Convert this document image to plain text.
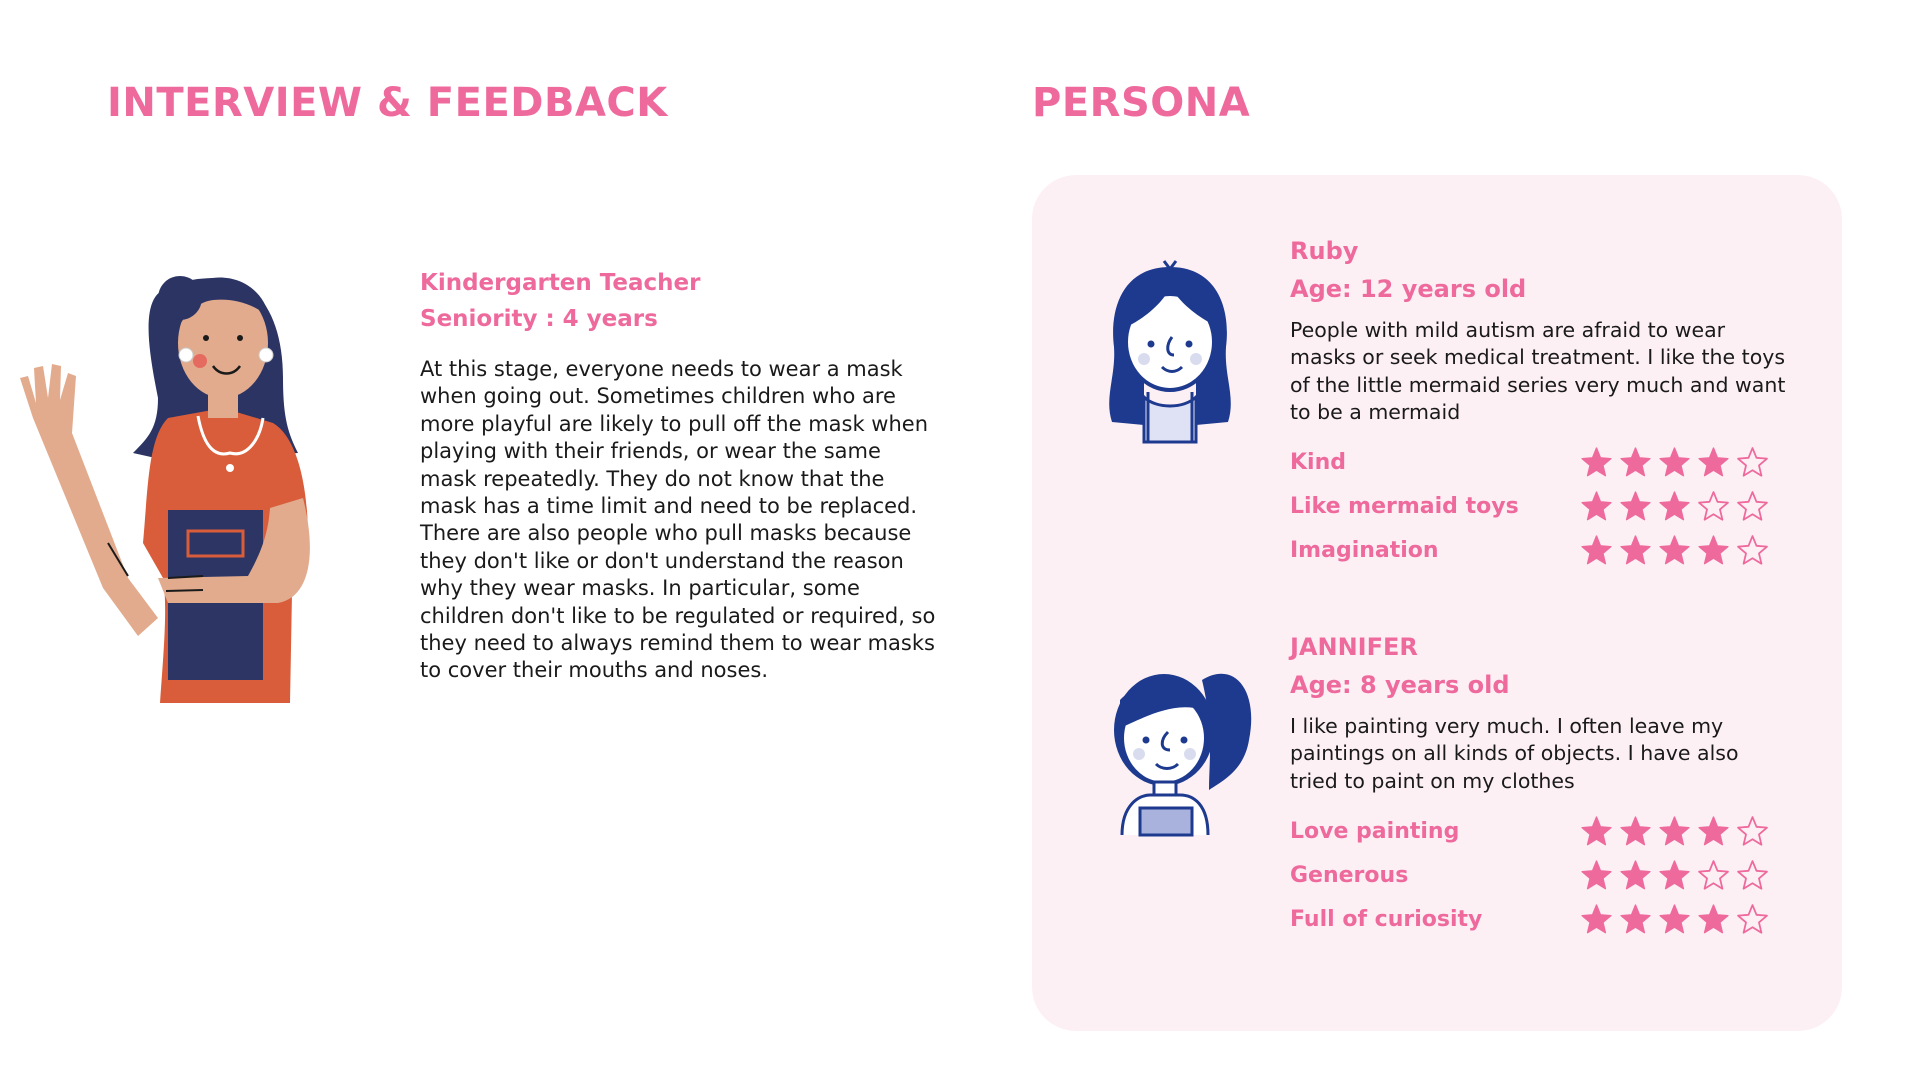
INTERVIEW & FEEDBACK	PERSONA
Kindergarten Teacher
Seniority : 4 years
At this stage, everyone needs to wear a mask when going out. Sometimes children who are more playful are likely to pull off the mask when playing with their friends, or wear the same mask repeatedly. They do not know that the mask has a time limit and need to be replaced. There are also people who pull masks because they don't like or don't understand the reason why they wear masks. In particular, some children don't like to be regulated or required, so they need to always remind them to wear masks to cover their mouths and noses.
Ruby
Age: 12 years old
People with mild autism are afraid to wear masks or seek medical treatment. I like the toys of the little mermaid series very much and want to be a mermaid
Kind
Like mermaid toys
Imagination
JANNIFER
Age: 8 years old
I like painting very much. I often leave my paintings on all kinds of objects. I have also tried to paint on my clothes
Love painting
Generous
Full of curiosity
